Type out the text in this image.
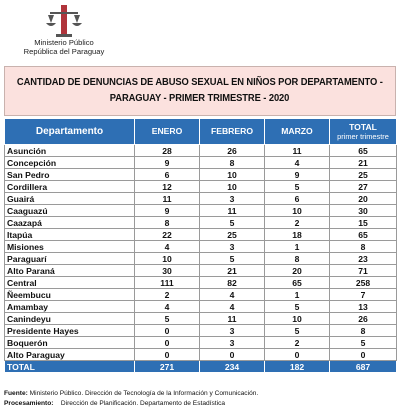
Ministerio Público
República del Paraguay
CANTIDAD DE DENUNCIAS DE ABUSO SEXUAL EN NIÑOS POR DEPARTAMENTO -
PARAGUAY - PRIMER TRIMESTRE - 2020
Departamento	ENERO	FEBRERO	MARZO	TOTAL
primer trimestre

Asunción	28	26	11	65
Concepción	9	8	4	21
San Pedro	6	10	9	25
Cordillera	12	10	5	27
Guairá	11	3	6	20
Caaguazú	9	11	10	30
Caazapá	8	5	2	15
Itapúa	22	25	18	65
Misiones	4	3	1	8
Paraguarí	10	5	8	23
Alto Paraná	30	21	20	71
Central	111	82	65	258
Ñeembucu	2	4	1	7
Amambay	4	4	5	13
Canindeyu	5	11	10	26
Presidente Hayes	0	3	5	8
Boquerón	0	3	2	5
Alto Paraguay	0	0	0	0
TOTAL	271	234	182	687
Fuente: Ministerio Público. Dirección de Tecnología de la Información y Comunicación.
Procesamiento: Dirección de Planificación. Departamento de Estadística
